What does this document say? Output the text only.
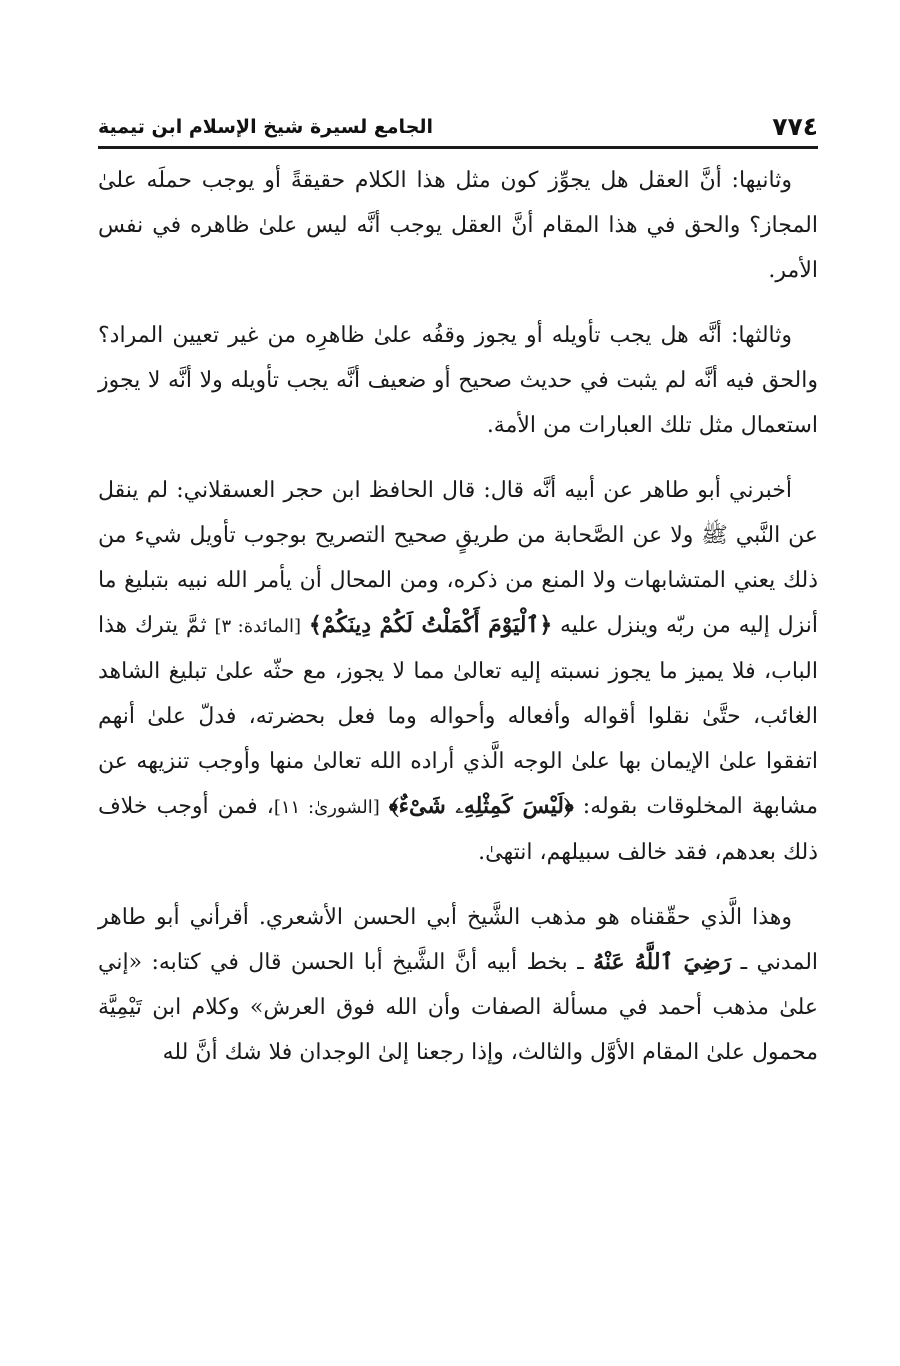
٧٧٤
الجامع لسيرة شيخ الإسلام ابن تيمية

وثانيها: أنَّ العقل هل يجوِّز كون مثل هذا الكلام حقيقةً أو يوجب حملَه علىٰ المجاز؟ والحق في هذا المقام أنَّ العقل يوجب أنَّه ليس علىٰ ظاهره في نفس الأمر.

وثالثها: أنَّه هل يجب تأويله أو يجوز وقفُه علىٰ ظاهرِه من غير تعيين المراد؟ والحق فيه أنَّه لم يثبت في حديث صحيح أو ضعيف أنَّه يجب تأويله ولا أنَّه لا يجوز استعمال مثل تلك العبارات من الأمة.

أخبرني أبو طاهر عن أبيه أنَّه قال: قال الحافظ ابن حجر العسقلاني: لم ينقل عن النَّبي ﷺ ولا عن الصَّحابة من طريقٍ صحيح التصريح بوجوب تأويل شيء من ذلك يعني المتشابهات ولا المنع من ذكره، ومن المحال أن يأمر الله نبيه بتبليغ ما أنزل إليه من ربّه وينزل عليه ﴿ٱلْيَوْمَ أَكْمَلْتُ لَكُمْ دِينَكُمْ﴾ [المائدة: ٣] ثمَّ يترك هذا الباب، فلا يميز ما يجوز نسبته إليه تعالىٰ مما لا يجوز، مع حثّه علىٰ تبليغ الشاهد الغائب، حتَّىٰ نقلوا أقواله وأفعاله وأحواله وما فعل بحضرته، فدلّ علىٰ أنهم اتفقوا علىٰ الإيمان بها علىٰ الوجه الَّذي أراده الله تعالىٰ منها وأوجب تنزيهه عن مشابهة المخلوقات بقوله: ﴿لَيْسَ كَمِثْلِهِۦ شَىْءٌ﴾ [الشورىٰ: ١١]، فمن أوجب خلاف ذلك بعدهم، فقد خالف سبيلهم، انتهىٰ.

وهذا الَّذي حقّقناه هو مذهب الشَّيخ أبي الحسن الأشعري. أقرأني أبو طاهر المدني ـ رَضِيَ ٱللَّهُ عَنْهُ ـ بخط أبيه أنَّ الشَّيخ أبا الحسن قال في كتابه: «إني علىٰ مذهب أحمد في مسألة الصفات وأن الله فوق العرش» وكلام ابن تَيْمِيَّة محمول علىٰ المقام الأوَّل والثالث، وإذا رجعنا إلىٰ الوجدان فلا شك أنَّ لله
